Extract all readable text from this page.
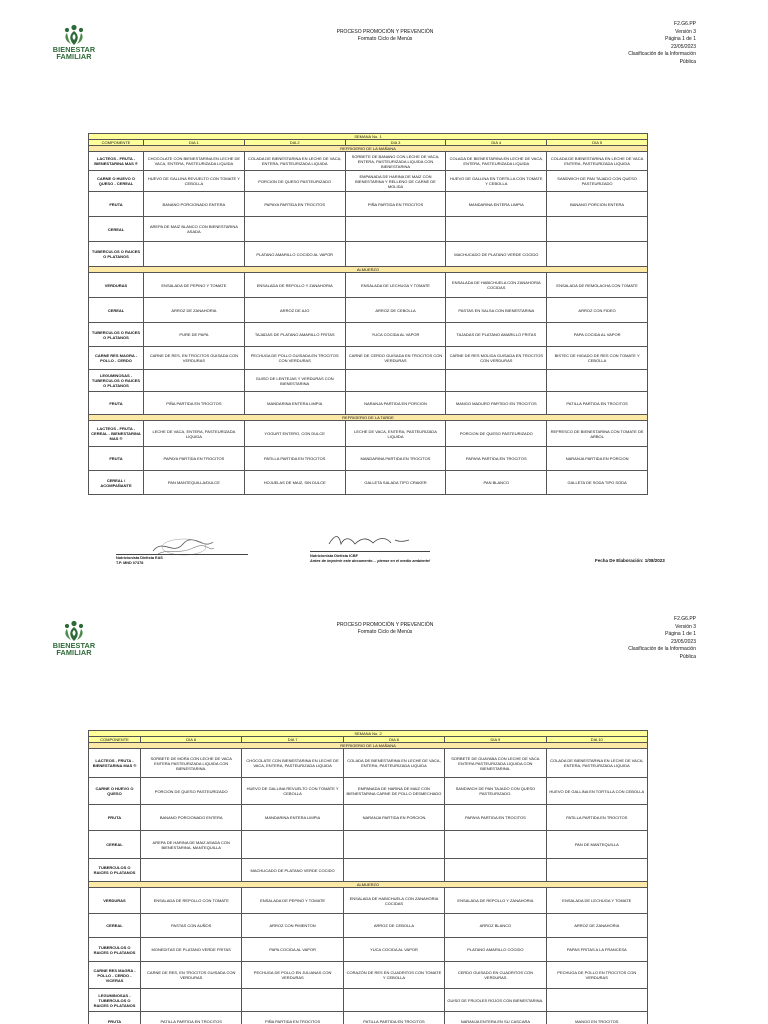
BIENESTAR
FAMILIAR
PROCESO PROMOCIÓN Y PREVENCIÓN
Formato Ciclo de Menús
F2.G6.PP
Versión 3
Página 1 de 1
23/05/2023
Clasificación de la Información
Pública
SEMANA No. 1					
COMPONENTE	DIA 1	DIA 2	DIA 3	DIA 4	DIA 5
REFRIGERIO DE LA MAÑANA					
LACTEOS - FRUTA - BIENESTARINA MAS ®	CHOCOLATE CON BIENESTARINA EN LECHE DE VACA, ENTERA, PASTEURIZADA LIQUIDA	COLADA DE BIENESTARINA EN LECHE DE VACA, ENTERA, PASTEURIZADA LIQUIDA	SORBETE DE BANANO CON LECHE DE VACA, ENTERA, PASTEURIZADA LIQUIDA CON BIENESTARINA	COLADA DE BIENESTARINA EN LECHE DE VACA, ENTERA, PASTEURIZADA LIQUIDA	COLADA DE BIENESTARINA EN LECHE DE VACA ENTERA, PASTEURIZADA LIQUIDA
CARNE O HUEVO O QUESO - CEREAL	HUEVO DE GALLINA REVUELTO CON TOMATE Y CEBOLLA	PORCION DE QUESO PASTEURIZADO	EMPANADA DE HARINA DE MAIZ CON BIENESTARINA Y RELLENO DE CARNE DE MOLIDA	HUEVO DE GALLINA EN TORTILLA CON TOMATE Y CEBOLLA	SANDWICH DE PAN TAJADO CON QUESO PASTEURIZADO
FRUTA	BANANO PORCIONADO ENTERA	PAPAYA PARTIDA EN TROCITOS	PIÑA PARTIDA EN TROCITOS	MANDARINA ENTERA LIMPIA	BANANO PORCION ENTERA
CEREAL	AREPA DE MAIZ BLANCO CON BIENESTARINA ASADA				
TUBERCULOS O RAICES O PLATANOS		PLATANO AMARILLO COCIDO AL VAPOR		MACHUCADO DE PLATANO VERDE COCIDO	
ALMUERZO					
VERDURAS	ENSALADA DE PEPINO Y TOMATE	ENSALADA DE REPOLLO Y ZANAHORIA	ENSALADA DE LECHUGA Y TOMATE	ENSALADA DE HABICHUELA CON ZANAHORIA COCIDAS	ENSALADA DE REMOLACHA CON TOMATE
CEREAL	ARROZ DE ZANAHORIA	ARROZ DE AJO	ARROZ DE CEBOLLA	PASTAS EN SALSA CON BIENESTARINA	ARROZ CON FIDEO
TUBERCULOS O RAICES O PLATANOS	PURE DE PAPA	TAJADAS DE PLATANO AMARILLO FRITAS	YUCA COCIDA AL VAPOR	TAJADAS DE PLATANO AMARILLO FRITAS	PAPA COCIDA AL VAPOR
CARNE RES MAGRA - POLLO - CERDO	CARNE DE RES, EN TROCITOS GUISADA CON VERDURAS	PECHUGA DE POLLO GUISADA EN TROCITOS CON VERDURAS	CARNE DE CERDO GUISADA EN TROCITOS CON VERDURAS	CARNE DE RES MOLIDA GUISADA EN TROCITOS CON VERDURAS	BISTEC DE HIGADO DE RES CON TOMATE Y CEBOLLA
LEGUMINOSAS - TUBERCULOS O RAICES O PLATANOS		GUISO DE LENTEJAS Y VERDURAS CON BIENESTARINA			
FRUTA	PIÑA PARTIDA EN TROCITOS	MANDARINA ENTERA LIMPIA	NARANJA PARTIDA EN PORCION	MANGO MADURO PARTIDO EN TROCITOS	PATILLA PARTIDA EN TROCITOS
REFRIGERIO DE LA TARDE					
LACTEOS - FRUTA - CEREAL - BIENESTARINA MAS ®	LECHE DE VACA, ENTERA, PASTEURIZADA LIQUIDA	YOGURT ENTERO, CON DULCE	LECHE DE VACA, ENTERA, PASTEURIZADA LIQUIDA	PORCION DE QUESO PASTEURIZADO	REFRESCO DE BIENESTARINA CON TOMATE DE ARBOL
FRUTA	PAPAYA PARTIDA EN TROCITOS	PATILLA PARTIDA EN TROCITOS	MANDARINA PARTIDA EN TROCITOS	PAPAYA PARTIDA EN TROCITOS	NARANJA PARTIDA EN PORCION
CEREAL / ACOMPAÑANTE	PAN MANTEQUILLA/DULCE	HOJUELAS DE MAIZ, SIN DULCE	GALLETA SALADA TIPO CRAKER	PAN BLANCO	GALLETA DE SODA TIPO SODA
Nutricionista Dietista EAS
T.P. MND 07378
Nutricionista Dietista ICBF
Antes de imprimir este documento… piense en el medio ambiente!	Fecha De Elaboración: 1/08/2023
BIENESTAR
FAMILIAR
PROCESO PROMOCIÓN Y PREVENCIÓN
Formato Ciclo de Menús
F2.G6.PP
Versión 3
Página 1 de 1
23/05/2023
Clasificación de la Información
Pública
SEMANA No. 2					
COMPONENTE	DIA 6	DIA 7	DIA 8	DIA 9	DIA 10
REFRIGERIO DE LA MAÑANA					
LACTEOS - FRUTA - BIENESTARINA MAS ®	SORBETE DE MORA CON LECHE DE VACA ENTERA PASTEURIZADA LIQUIDA CON BIENESTARINA.	CHOCOLATE CON BIENESTARINA EN LECHE DE VACA, ENTERA, PASTEURIZADA LIQUIDA	COLADA DE BIENESTARINA EN LECHE DE VACA, ENTERA, PASTEURIZADA LIQUIDA	SORBETE DE GUAYABA CON LECHE DE VACA ENTERA PASTEURIZADA LIQUIDA CON BIENESTARINA.	COLADA DE BIENESTARINA EN LECHE DE VACA, ENTERA, PASTEURIZADA LIQUIDA
CARNE O HUEVO O QUESO	PORCION DE QUESO PASTEURIZADO	HUEVO DE GALLINA REVUELTO CON TOMATE Y CEBOLLA	EMPANADA DE HARINA DE MAIZ CON BIENESTARINA CARNE DE POLLO DESMECHADO	SANDWICH DE PAN TAJADO CON QUESO PASTEURIZADO.	HUEVO DE GALLINA EN TORTILLA CON CEBOLLA
FRUTA	BANANO PORCIONADO ENTERA	MANDARINA ENTERA LIMPIA	NARANJA PARTIDA EN PORCION	PAPAYA PARTIDA EN TROCITOS	PATILLA PARTIDA EN TROCITOS
CEREAL	AREPA DE HARINA DE MAIZ ASADA CON BIENESTARINA. MANTEQUILLA				PAN DE MANTEQUILLA
TUBERCULOS O RAICES O PLATANOS		MACHUCADO DE PLATANO VERDE COCIDO			
ALMUERZO					
VERDURAS	ENSALADA DE REPOLLO CON TOMATE	ENSALADA DE PEPINO Y TOMATE	ENSALADA DE HABICHUELA CON ZANAHORIA COCIDAS	ENSALADA DE REPOLLO Y ZANAHORIA	ENSALADA DE LECHUGA Y TOMATE
CEREAL	PASTAS CON AUÑOS	ARROZ CON PIMENTON	ARROZ DE CEBOLLA	ARROZ BLANCO	ARROZ DE ZANAHORIA
TUBERCULOS O RAICES O PLATANOS	MONEDITAS DE PLATANO VERDE FRITAS	PAPA COCIDA AL VAPOR	YUCA COCIDA AL VAPOR	PLATANO AMARILLO COCIDO	PAPAS FRITAS A LA FRANCESA
CARNE RES MAGRA - POLLO - CERDO - VICERAS	CARNE DE RES, EN TROCITOS GUISADA CON VERDURAS	PECHUGA DE POLLO EN JULIANAS CON VERDURAS	CORAZÓN DE RES EN CUADRITOS CON TOMATE Y CEBOLLA	CERDO GUISADO EN CUADRITOS CON VERDURAS	PECHUGA DE POLLO EN TROCITOS CON VERDURAS
LEGUMINOSAS - TUBERCULOS O RAICES O PLATANOS				GUISO DE FRIJOLES ROJOS CON BIENESTARINA.	
FRUTA	PATILLA PARTIDA EN TROCITOS	PIÑA PARTIDA EN TROCITOS	PATILLA PARTIDA EN TROCITOS	NARANJA ENTERA EN SU CASCARA	MANGO EN TROCITOS
